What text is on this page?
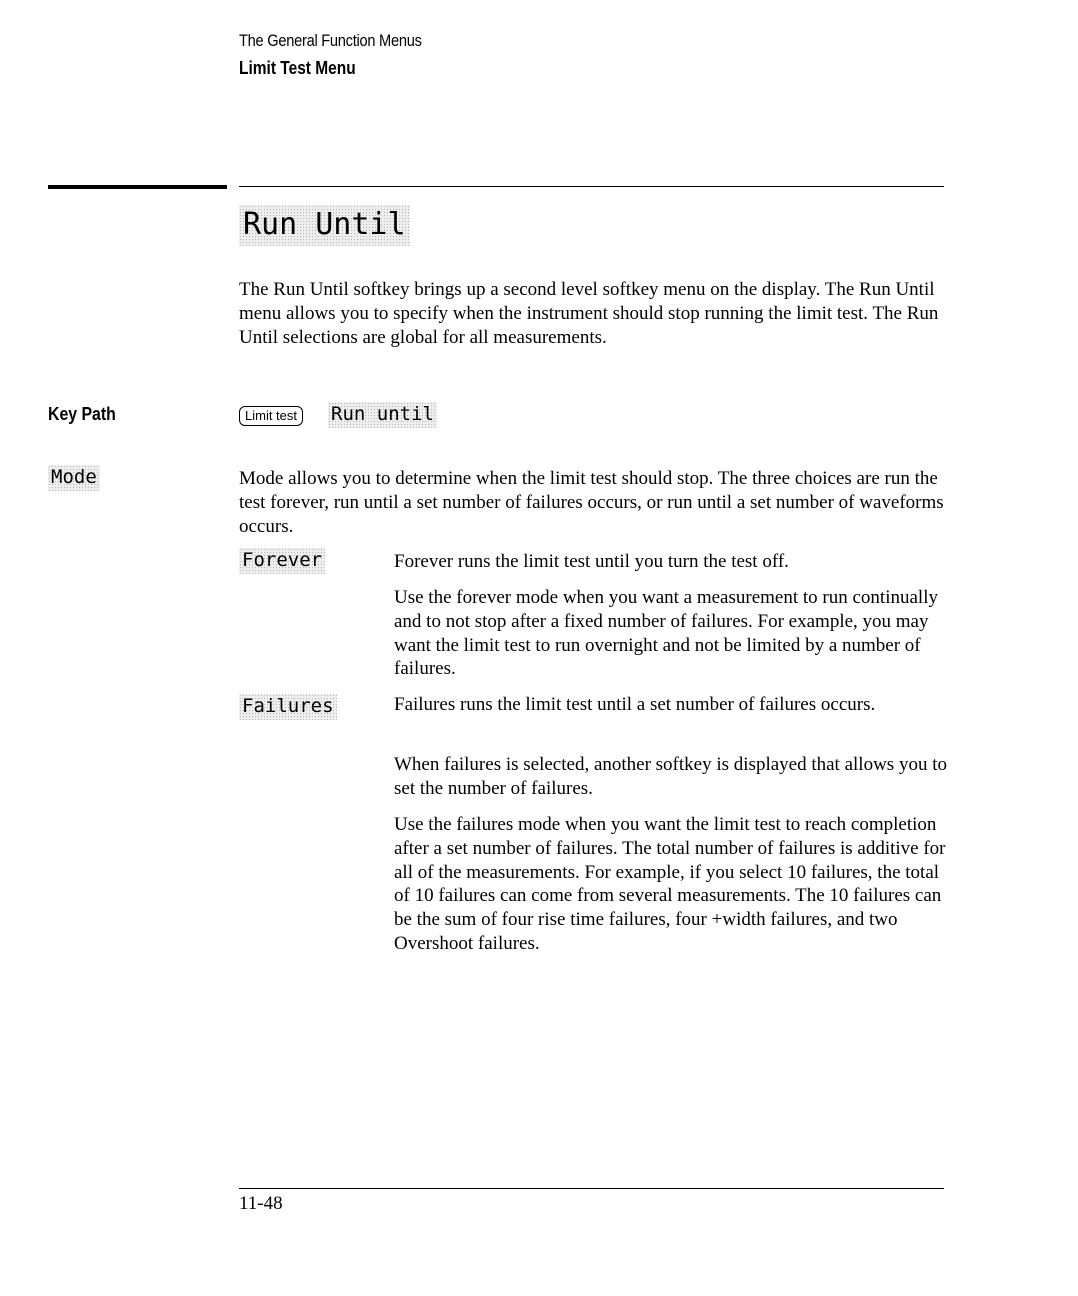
The General Function Menus
Limit Test Menu
Run Until

The Run Until softkey brings up a second level softkey menu on the display. The Run Until menu allows you to specify when the instrument should stop running the limit test. The Run Until selections are global for all measurements.

Key Path	Limit test	Run until
Mode	Mode allows you to determine when the limit test should stop. The three choices are run the test forever, run until a set number of failures occurs, or run until a set number of waveforms occurs.

Forever	Forever runs the limit test until you turn the test off.

Use the forever mode when you want a measurement to run continually and to not stop after a fixed number of failures. For example, you may want the limit test to run overnight and not be limited by a number of failures.

Failures	Failures runs the limit test until a set number of failures occurs.

When failures is selected, another softkey is displayed that allows you to set the number of failures.

Use the failures mode when you want the limit test to reach completion after a set number of failures. The total number of failures is additive for all of the measurements. For example, if you select 10 failures, the total of 10 failures can come from several measurements. The 10 failures can be the sum of four rise time failures, four +width failures, and two Overshoot failures.

11-48
